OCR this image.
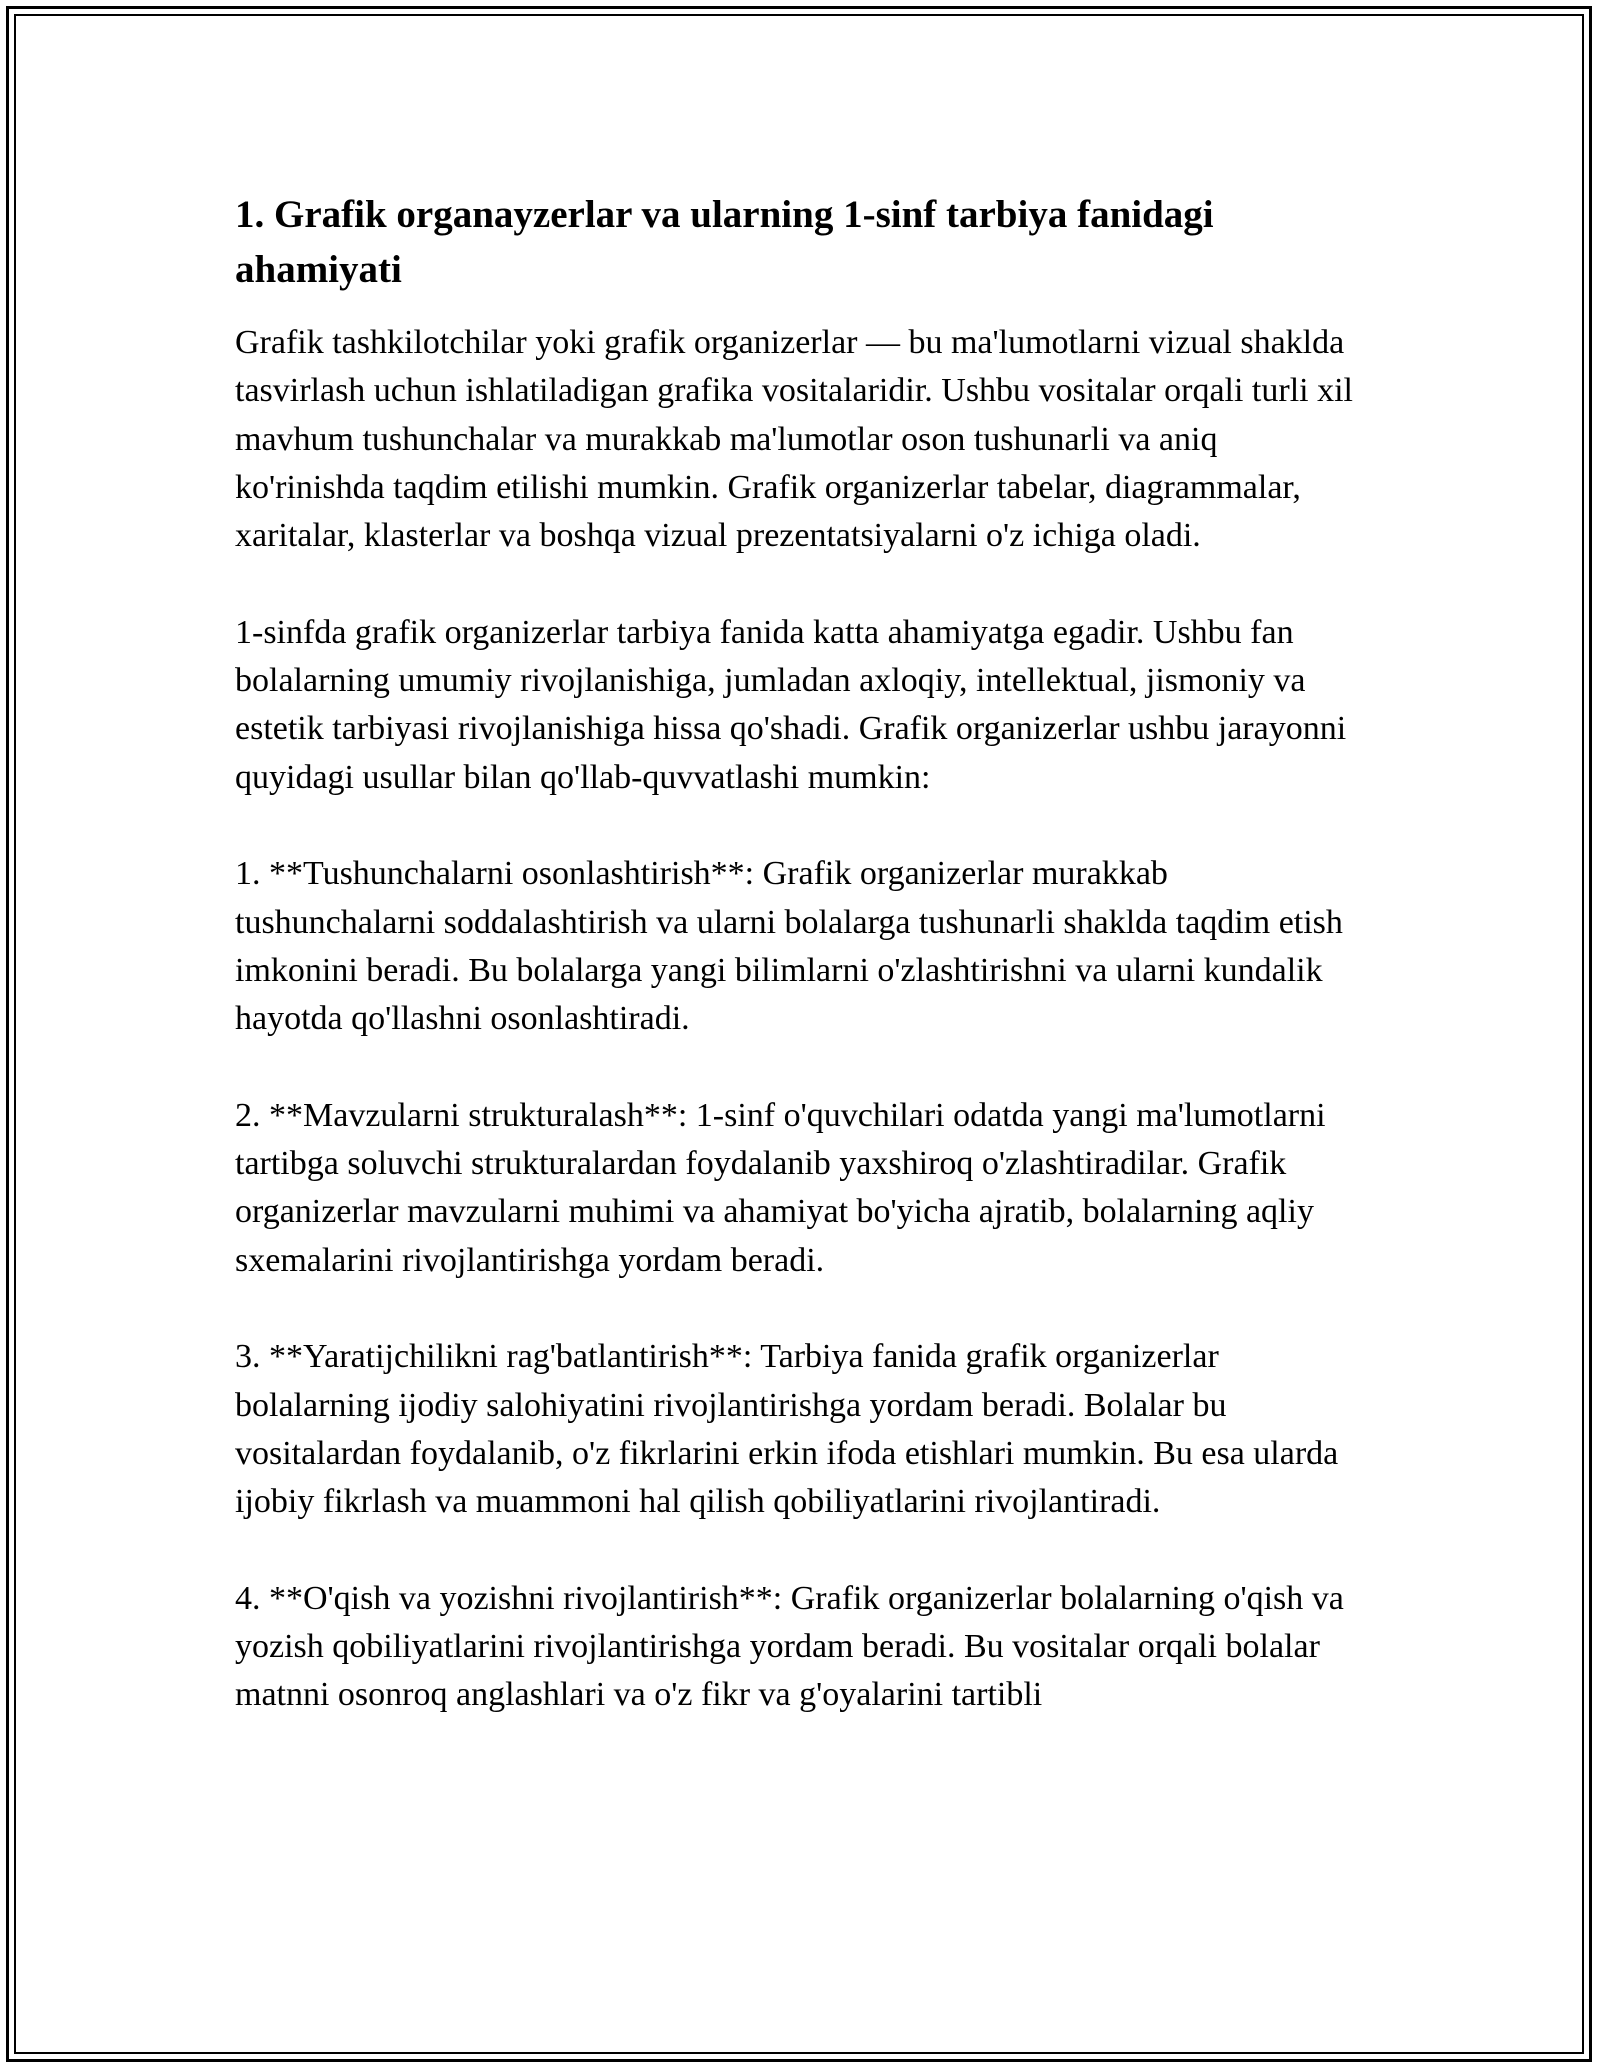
1. Grafik organayzerlar va ularning 1-sinf tarbiya fanidagi ahamiyati

Grafik tashkilotchilar yoki grafik organizerlar — bu ma'lumotlarni vizual shaklda tasvirlash uchun ishlatiladigan grafika vositalaridir. Ushbu vositalar orqali turli xil mavhum tushunchalar va murakkab ma'lumotlar oson tushunarli va aniq ko'rinishda taqdim etilishi mumkin. Grafik organizerlar tabelar, diagrammalar, xaritalar, klasterlar va boshqa vizual prezentatsiyalarni o'z ichiga oladi.

1-sinfda grafik organizerlar tarbiya fanida katta ahamiyatga egadir. Ushbu fan bolalarning umumiy rivojlanishiga, jumladan axloqiy, intellektual, jismoniy va estetik tarbiyasi rivojlanishiga hissa qo'shadi. Grafik organizerlar ushbu jarayonni quyidagi usullar bilan qo'llab-quvvatlashi mumkin:

1. **Tushunchalarni osonlashtirish**: Grafik organizerlar murakkab tushunchalarni soddalashtirish va ularni bolalarga tushunarli shaklda taqdim etish imkonini beradi. Bu bolalarga yangi bilimlarni o'zlashtirishni va ularni kundalik hayotda qo'llashni osonlashtiradi.

2. **Mavzularni strukturalash**: 1-sinf o'quvchilari odatda yangi ma'lumotlarni tartibga soluvchi strukturalardan foydalanib yaxshiroq o'zlashtiradilar. Grafik organizerlar mavzularni muhimi va ahamiyat bo'yicha ajratib, bolalarning aqliy sxemalarini rivojlantirishga yordam beradi.

3. **Yaratijchilikni rag'batlantirish**: Tarbiya fanida grafik organizerlar bolalarning ijodiy salohiyatini rivojlantirishga yordam beradi. Bolalar bu vositalardan foydalanib, o'z fikrlarini erkin ifoda etishlari mumkin. Bu esa ularda ijobiy fikrlash va muammoni hal qilish qobiliyatlarini rivojlantiradi.

4. **O'qish va yozishni rivojlantirish**: Grafik organizerlar bolalarning o'qish va yozish qobiliyatlarini rivojlantirishga yordam beradi. Bu vositalar orqali bolalar matnni osonroq anglashlari va o'z fikr va g'oyalarini tartibli
